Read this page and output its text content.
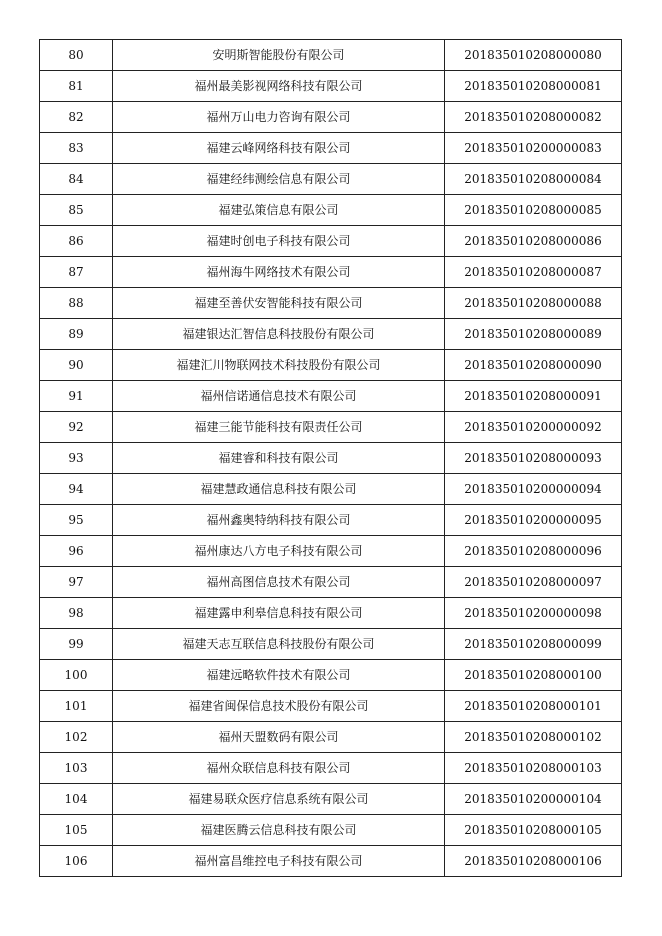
80	安明斯智能股份有限公司	201835010208000080
81	福州最美影视网络科技有限公司	201835010208000081
82	福州万山电力咨询有限公司	201835010208000082
83	福建云峰网络科技有限公司	201835010200000083
84	福建经纬测绘信息有限公司	201835010208000084
85	福建弘策信息有限公司	201835010208000085
86	福建时创电子科技有限公司	201835010208000086
87	福州海牛网络技术有限公司	201835010208000087
88	福建至善伏安智能科技有限公司	201835010208000088
89	福建银达汇智信息科技股份有限公司	201835010208000089
90	福建汇川物联网技术科技股份有限公司	201835010208000090
91	福州信诺通信息技术有限公司	201835010208000091
92	福建三能节能科技有限责任公司	201835010200000092
93	福建睿和科技有限公司	201835010208000093
94	福建慧政通信息科技有限公司	201835010200000094
95	福州鑫奥特纳科技有限公司	201835010200000095
96	福州康达八方电子科技有限公司	201835010208000096
97	福州高图信息技术有限公司	201835010208000097
98	福建露申利皋信息科技有限公司	201835010200000098
99	福建天志互联信息科技股份有限公司	201835010208000099
100	福建远略软件技术有限公司	201835010208000100
101	福建省闽保信息技术股份有限公司	201835010208000101
102	福州天盟数码有限公司	201835010208000102
103	福州众联信息科技有限公司	201835010208000103
104	福建易联众医疗信息系统有限公司	201835010200000104
105	福建医腾云信息科技有限公司	201835010208000105
106	福州富昌维控电子科技有限公司	201835010208000106
